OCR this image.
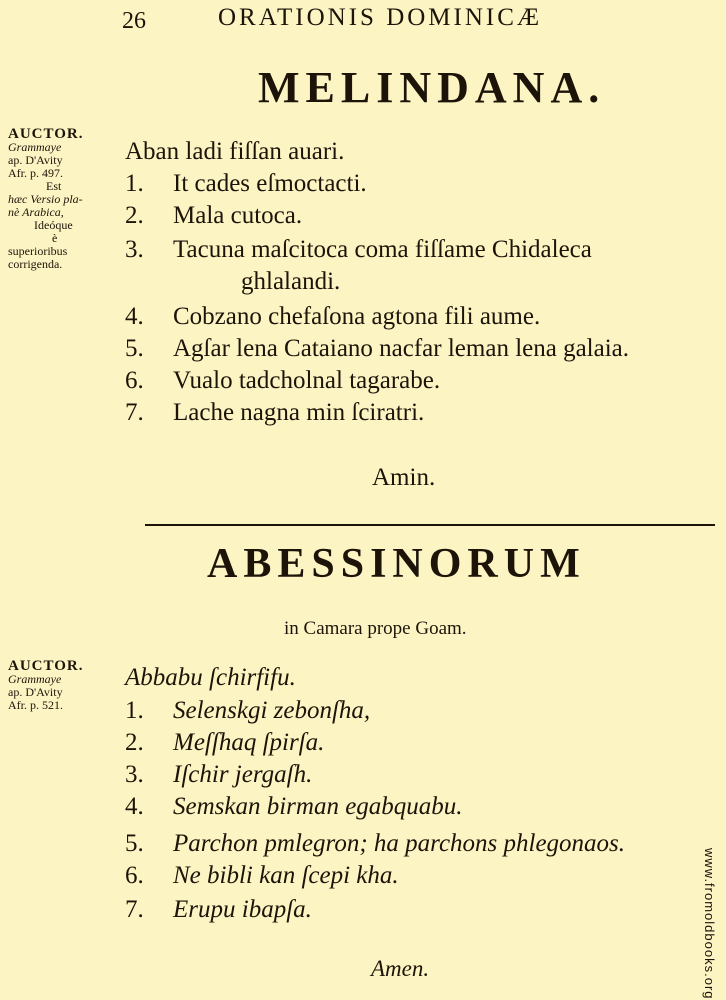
26	ORATIONIS DOMINICÆ
MELINDANA.
AUCTOR.
Grammaye
ap. D'Avity
Afr. p. 497.
Est
hæc Versio pla-
nè Arabica,
Ideóque
è
superioribus
corrigenda.
Aban ladi fiſſan auari.
1. It cades eſmoctacti.
2. Mala cutoca.
3. Tacuna maſcitoca coma fiſſame Chidaleca
ghlalandi.
4. Cobzano chefaſona agtona fili aume.
5. Agſar lena Cataiano nacfar leman lena galaia.
6. Vualo tadcholnal tagarabe.
7. Lache nagna min ſciratri.
Amin.
ABESSINORUM
in Camara prope Goam.
AUCTOR.
Grammaye
ap. D'Avity
Afr. p. 521.
Abbabu ſchirfifu.
1. Selenskgi zebonſha,
2. Meſſhaq ſpirſa.
3. Iſchir jergaſh.
4. Semskan birman egabquabu.
5. Parchon pmlegron; ha parchons phlegonaos.
6. Ne bibli kan ſcepi kha.
7. Erupu ibapſa.
Amen.	www.fromoldbooks.org
